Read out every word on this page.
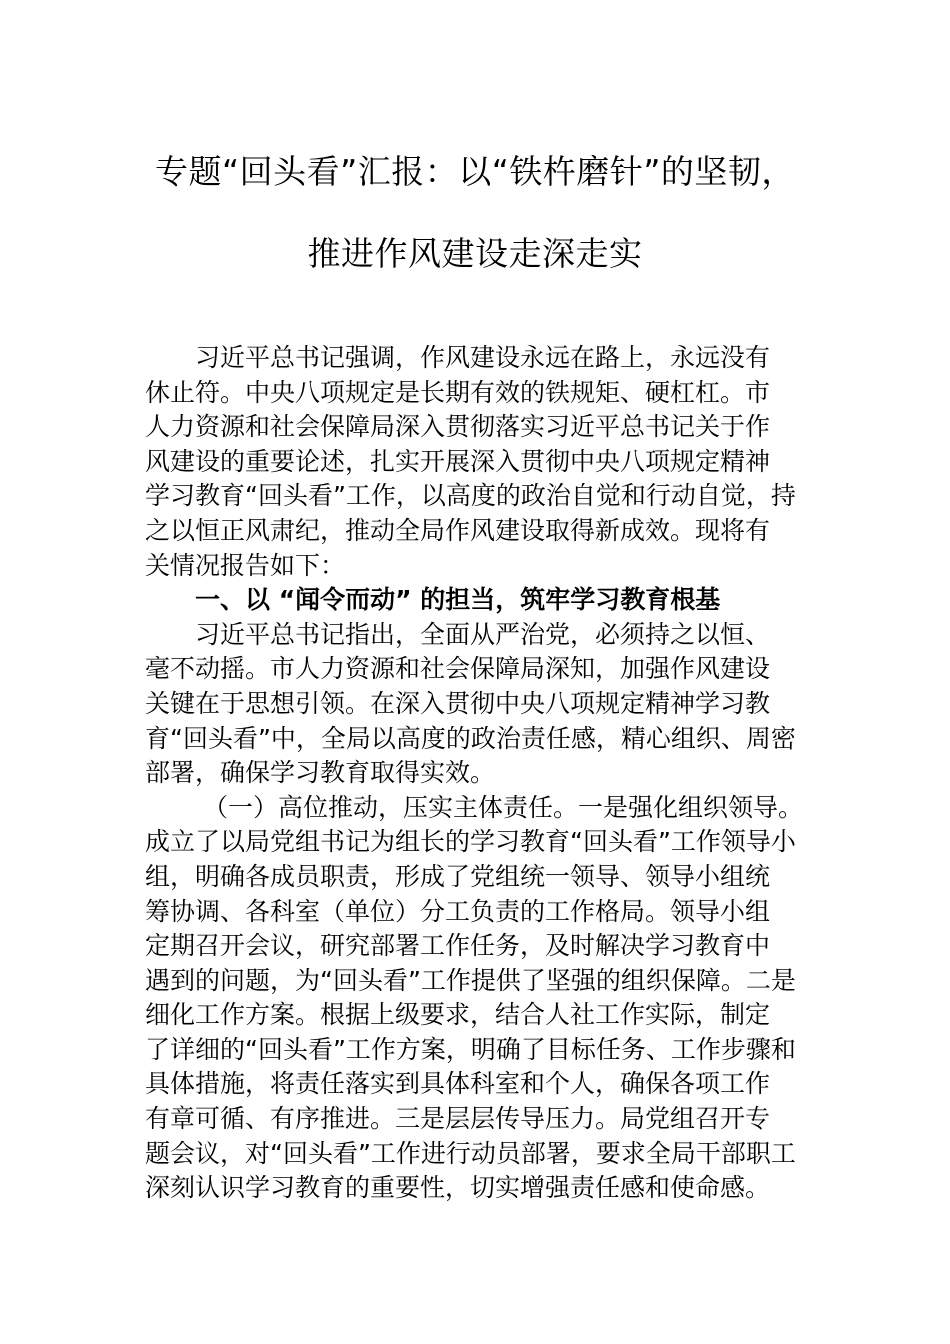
专题“回头看”汇报：以“铁杵磨针”的坚韧，
推进作风建设走深走实
习近平总书记强调，作风建设永远在路上，永远没有
休止符。中央八项规定是长期有效的铁规矩、硬杠杠。市
人力资源和社会保障局深入贯彻落实习近平总书记关于作
风建设的重要论述，扎实开展深入贯彻中央八项规定精神
学习教育“回头看”工作，以高度的政治自觉和行动自觉，持
之以恒正风肃纪，推动全局作风建设取得新成效。现将有
关情况报告如下：
一、以 “闻令而动” 的担当，筑牢学习教育根基
习近平总书记指出，全面从严治党，必须持之以恒、
毫不动摇。市人力资源和社会保障局深知，加强作风建设
关键在于思想引领。在深入贯彻中央八项规定精神学习教
育“回头看”中，全局以高度的政治责任感，精心组织、周密
部署，确保学习教育取得实效。
（一）高位推动，压实主体责任。一是强化组织领导。
成立了以局党组书记为组长的学习教育“回头看”工作领导小
组，明确各成员职责，形成了党组统一领导、领导小组统
筹协调、各科室（单位）分工负责的工作格局。领导小组
定期召开会议，研究部署工作任务，及时解决学习教育中
遇到的问题，为“回头看”工作提供了坚强的组织保障。二是
细化工作方案。根据上级要求，结合人社工作实际，制定
了详细的“回头看”工作方案，明确了目标任务、工作步骤和
具体措施，将责任落实到具体科室和个人，确保各项工作
有章可循、有序推进。三是层层传导压力。局党组召开专
题会议，对“回头看”工作进行动员部署，要求全局干部职工
深刻认识学习教育的重要性，切实增强责任感和使命感。
